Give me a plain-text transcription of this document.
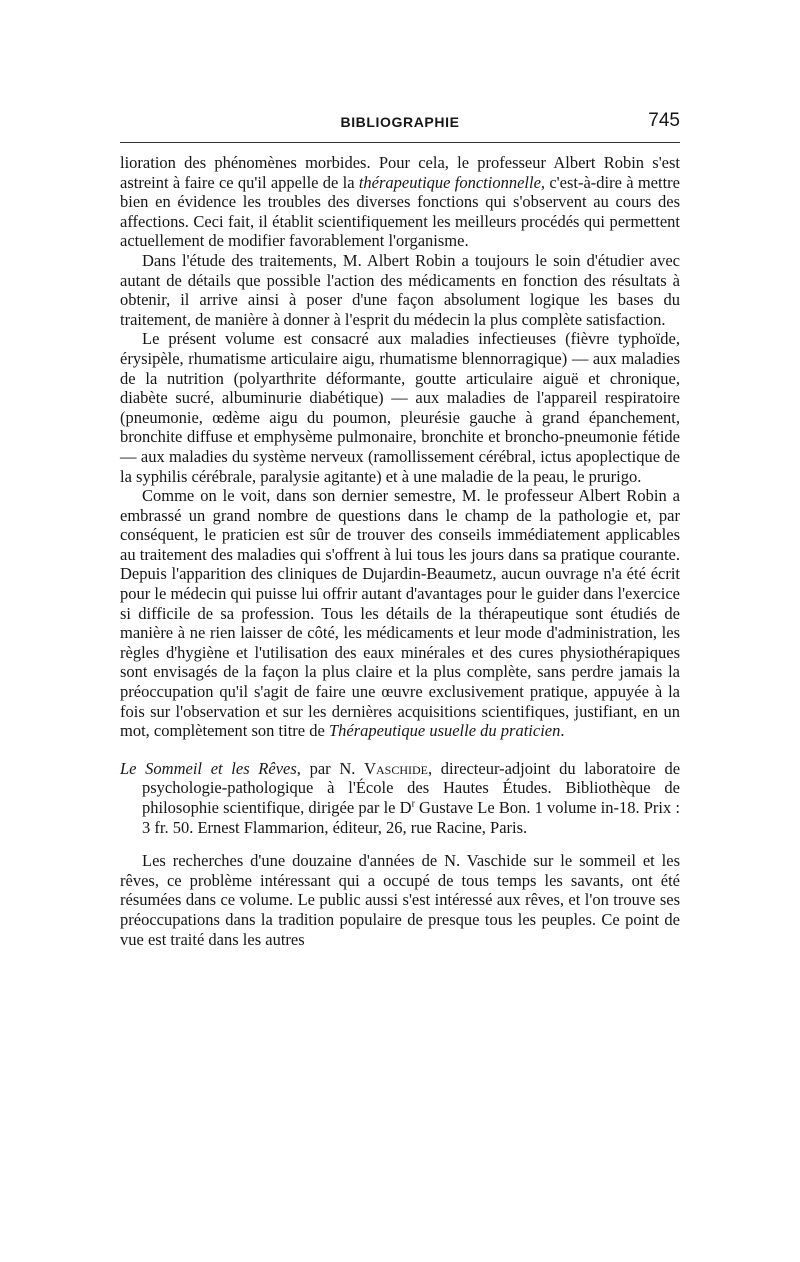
BIBLIOGRAPHIE	745

lioration des phénomènes morbides. Pour cela, le professeur Albert Robin s'est astreint à faire ce qu'il appelle de la thérapeutique fonctionnelle, c'est-à-dire à mettre bien en évidence les troubles des diverses fonctions qui s'observent au cours des affections. Ceci fait, il établit scientifiquement les meilleurs procédés qui permettent actuellement de modifier favorablement l'organisme.

Dans l'étude des traitements, M. Albert Robin a toujours le soin d'étudier avec autant de détails que possible l'action des médicaments en fonction des résultats à obtenir, il arrive ainsi à poser d'une façon absolument logique les bases du traitement, de manière à donner à l'esprit du médecin la plus complète satisfaction.

Le présent volume est consacré aux maladies infectieuses (fièvre typhoïde, érysipèle, rhumatisme articulaire aigu, rhumatisme blennorragique) — aux maladies de la nutrition (polyarthrite déformante, goutte articulaire aiguë et chronique, diabète sucré, albuminurie diabétique) — aux maladies de l'appareil respiratoire (pneumonie, œdème aigu du poumon, pleurésie gauche à grand épanchement, bronchite diffuse et emphysème pulmonaire, bronchite et broncho-pneumonie fétide — aux maladies du système nerveux (ramollissement cérébral, ictus apoplectique de la syphilis cérébrale, paralysie agitante) et à une maladie de la peau, le prurigo.

Comme on le voit, dans son dernier semestre, M. le professeur Albert Robin a embrassé un grand nombre de questions dans le champ de la pathologie et, par conséquent, le praticien est sûr de trouver des conseils immédiatement applicables au traitement des maladies qui s'offrent à lui tous les jours dans sa pratique courante. Depuis l'apparition des cliniques de Dujardin-Beaumetz, aucun ouvrage n'a été écrit pour le médecin qui puisse lui offrir autant d'avantages pour le guider dans l'exercice si difficile de sa profession. Tous les détails de la thérapeutique sont étudiés de manière à ne rien laisser de côté, les médicaments et leur mode d'administration, les règles d'hygiène et l'utilisation des eaux minérales et des cures physiothérapiques sont envisagés de la façon la plus claire et la plus complète, sans perdre jamais la préoccupation qu'il s'agit de faire une œuvre exclusivement pratique, appuyée à la fois sur l'observation et sur les dernières acquisitions scientifiques, justifiant, en un mot, complètement son titre de Thérapeutique usuelle du praticien.

Le Sommeil et les Rêves, par N. Vaschide, directeur-adjoint du laboratoire de psychologie-pathologique à l'École des Hautes Études. Bibliothèque de philosophie scientifique, dirigée par le $D^r$ Gustave Le Bon. 1 volume in-18. Prix : 3 fr. 50. Ernest Flammarion, éditeur, 26, rue Racine, Paris.

Les recherches d'une douzaine d'années de N. Vaschide sur le sommeil et les rêves, ce problème intéressant qui a occupé de tous temps les savants, ont été résumées dans ce volume. Le public aussi s'est intéressé aux rêves, et l'on trouve ses préoccupations dans la tradition populaire de presque tous les peuples. Ce point de vue est traité dans les autres
